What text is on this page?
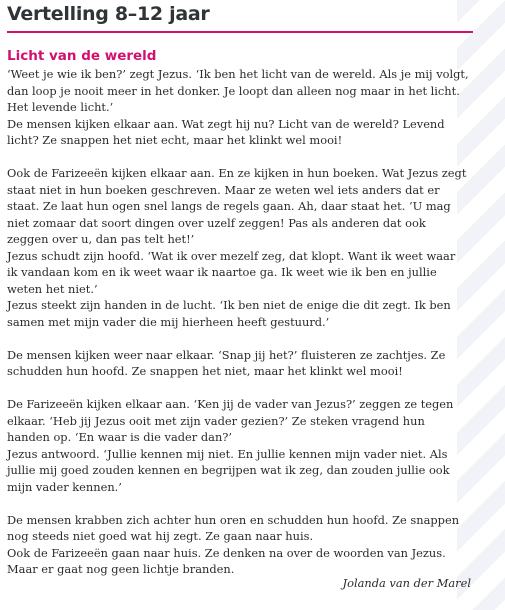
Vertelling 8–12 jaar
Licht van de wereld

‘Weet je wie ik ben?’ zegt Jezus. ‘Ik ben het licht van de wereld. Als je mij volgt, dan loop je nooit meer in het donker. Je loopt dan alleen nog maar in het licht. Het levende licht.’
De mensen kijken elkaar aan. Wat zegt hij nu? Licht van de wereld? Levend licht? Ze snappen het niet echt, maar het klinkt wel mooi!

Ook de Farizeeën kijken elkaar aan. En ze kijken in hun boeken. Wat Jezus zegt staat niet in hun boeken geschreven. Maar ze weten wel iets anders dat er staat. Ze laat hun ogen snel langs de regels gaan. Ah, daar staat het. ‘U mag niet zomaar dat soort dingen over uzelf zeggen! Pas als anderen dat ook zeggen over u, dan pas telt het!’
Jezus schudt zijn hoofd. ‘Wat ik over mezelf zeg, dat klopt. Want ik weet waar ik vandaan kom en ik weet waar ik naartoe ga. Ik weet wie ik ben en jullie weten het niet.’
Jezus steekt zijn handen in de lucht. ‘Ik ben niet de enige die dit zegt. Ik ben samen met mijn vader die mij hierheen heeft gestuurd.’

De mensen kijken weer naar elkaar. ‘Snap jij het?’ fluisteren ze zachtjes. Ze schudden hun hoofd. Ze snappen het niet, maar het klinkt wel mooi!

De Farizeeën kijken elkaar aan. ‘Ken jij de vader van Jezus?’ zeggen ze tegen elkaar. ‘Heb jij Jezus ooit met zijn vader gezien?’ Ze steken vragend hun handen op. ‘En waar is die vader dan?’
Jezus antwoord. ‘Jullie kennen mij niet. En jullie kennen mijn vader niet. Als jullie mij goed zouden kennen en begrijpen wat ik zeg, dan zouden jullie ook mijn vader kennen.’

De mensen krabben zich achter hun oren en schudden hun hoofd. Ze snappen nog steeds niet goed wat hij zegt. Ze gaan naar huis.
Ook de Farizeeën gaan naar huis. Ze denken na over de woorden van Jezus. Maar er gaat nog geen lichtje branden.

Jolanda van der Marel
